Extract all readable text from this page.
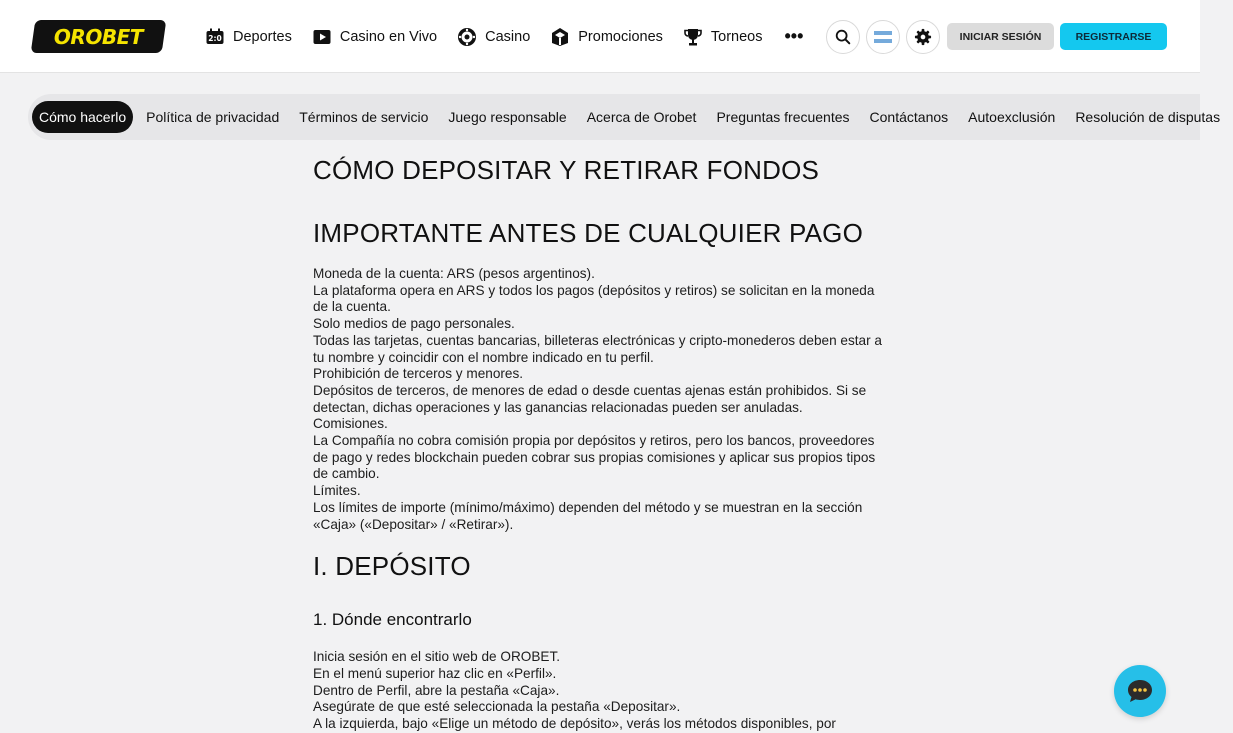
OROBET	2:0 Deportes	Casino en Vivo	Casino	Promociones	Torneos •••	INICIAR SESIÓN	REGISTRARSE
Cómo hacerlo	Política de privacidad	Términos de servicio	Juego responsable	Acerca de Orobet	Preguntas frecuentes	Contáctanos	Autoexclusión	Resolución de disputas
CÓMO DEPOSITAR Y RETIRAR FONDOS
IMPORTANTE ANTES DE CUALQUIER PAGO

Moneda de la cuenta: ARS (pesos argentinos).

La plataforma opera en ARS y todos los pagos (depósitos y retiros) se solicitan en la moneda de la cuenta.

Solo medios de pago personales.

Todas las tarjetas, cuentas bancarias, billeteras electrónicas y cripto-monederos deben estar a tu nombre y coincidir con el nombre indicado en tu perfil.

Prohibición de terceros y menores.

Depósitos de terceros, de menores de edad o desde cuentas ajenas están prohibidos. Si se detectan, dichas operaciones y las ganancias relacionadas pueden ser anuladas.

Comisiones.

La Compañía no cobra comisión propia por depósitos y retiros, pero los bancos, proveedores de pago y redes blockchain pueden cobrar sus propias comisiones y aplicar sus propios tipos de cambio.

Límites.

Los límites de importe (mínimo/máximo) dependen del método y se muestran en la sección «Caja» («Depositar» / «Retirar»).

I. DEPÓSITO
1. Dónde encontrarlo

Inicia sesión en el sitio web de OROBET.

En el menú superior haz clic en «Perfil».

Dentro de Perfil, abre la pestaña «Caja».

Asegúrate de que esté seleccionada la pestaña «Depositar».

A la izquierda, bajo «Elige un método de depósito», verás los métodos disponibles, por
